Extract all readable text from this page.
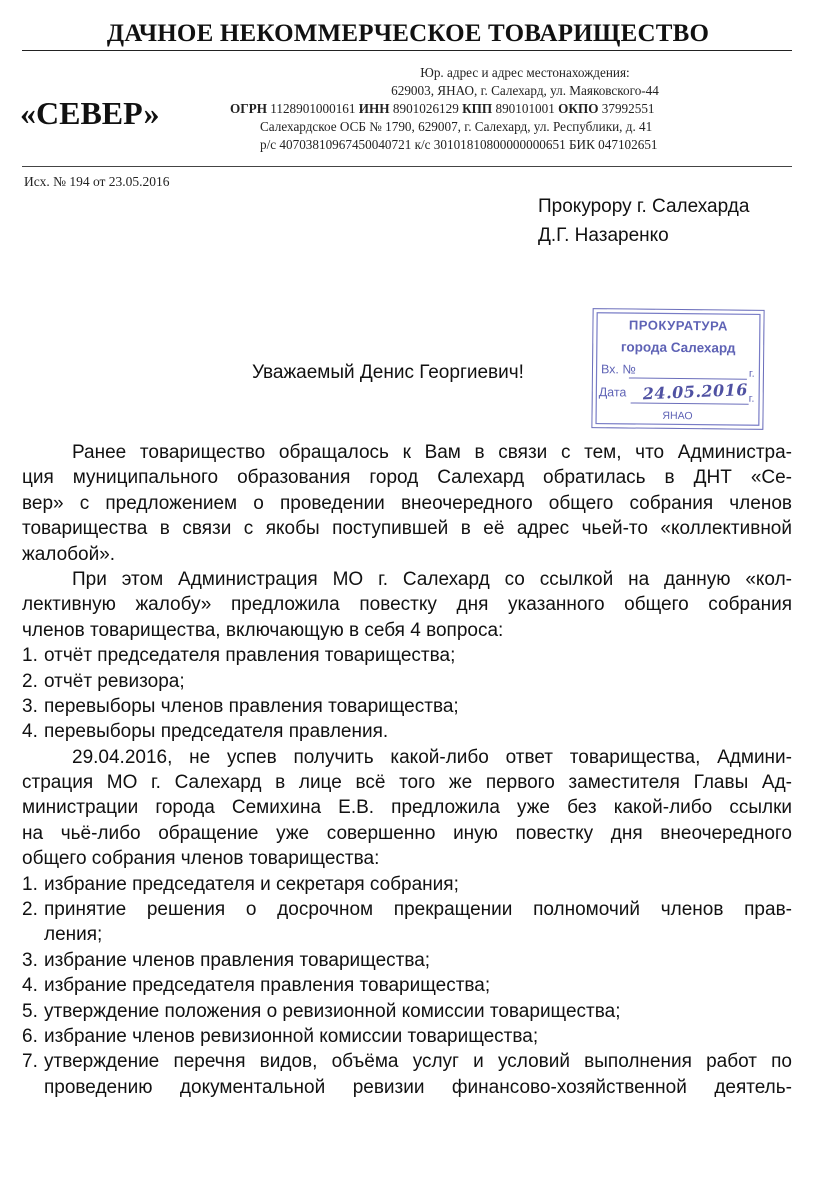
ДАЧНОЕ НЕКОММЕРЧЕСКОЕ ТОВАРИЩЕСТВО
«СЕВЕР»
Юр. адрес и адрес местонахождения:
629003, ЯНАО, г. Салехард, ул. Маяковского-44
ОГРН 1128901000161 ИНН 8901026129 КПП 890101001 ОКПО 37992551
Салехардское ОСБ № 1790, 629007, г. Салехард, ул. Республики, д. 41
р/с 40703810967450040721 к/с 30101810800000000651 БИК 047102651
Исх. № 194 от 23.05.2016
Прокурору г. Салехарда
Д.Г. Назаренко
ПРОКУРАТУРА
города Салехард
Вх. №	г.
Дата 24.05.2016 г.
ЯНАО
Уважаемый Денис Георгиевич!
Ранее товарищество обращалось к Вам в связи с тем, что Администра-
ция муниципального образования город Салехард обратилась в ДНТ «Се-
вер» с предложением о проведении внеочередного общего собрания членов
товарищества в связи с якобы поступившей в её адрес чьей-то «коллективной
жалобой».
При этом Администрация МО г. Салехард со ссылкой на данную «кол-
лективную жалобу» предложила повестку дня указанного общего собрания
членов товарищества, включающую в себя 4 вопроса:
1. отчёт председателя правления товарищества;
2. отчёт ревизора;
3. перевыборы членов правления товарищества;
4. перевыборы председателя правления.
29.04.2016, не успев получить какой-либо ответ товарищества, Админи-
страция МО г. Салехард в лице всё того же первого заместителя Главы Ад-
министрации города Семихина Е.В. предложила уже без какой-либо ссылки
на чьё-либо обращение уже совершенно иную повестку дня внеочередного
общего собрания членов товарищества:
1. избрание председателя и секретаря собрания;
2. принятие решения о досрочном прекращении полномочий членов прав-
ления;
3. избрание членов правления товарищества;
4. избрание председателя правления товарищества;
5. утверждение положения о ревизионной комиссии товарищества;
6. избрание членов ревизионной комиссии товарищества;
7. утверждение перечня видов, объёма услуг и условий выполнения работ по
проведению документальной ревизии финансово-хозяйственной деятель-
